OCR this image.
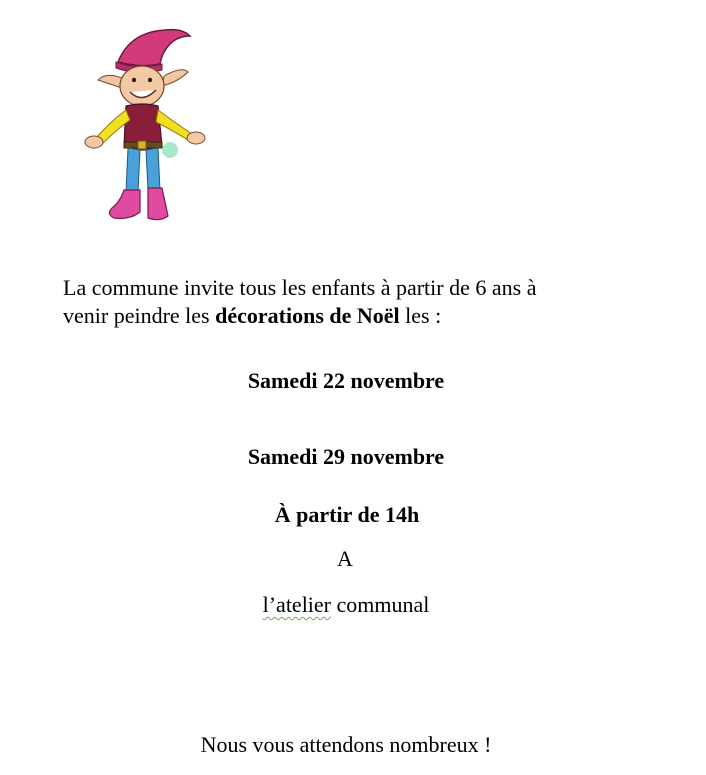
La commune invite tous les enfants à partir de 6 ans à
venir peindre les décorations de Noël les :

Samedi 22 novembre

Samedi 29 novembre

À partir de 14h

A

l’atelier communal

Nous vous attendons nombreux !
